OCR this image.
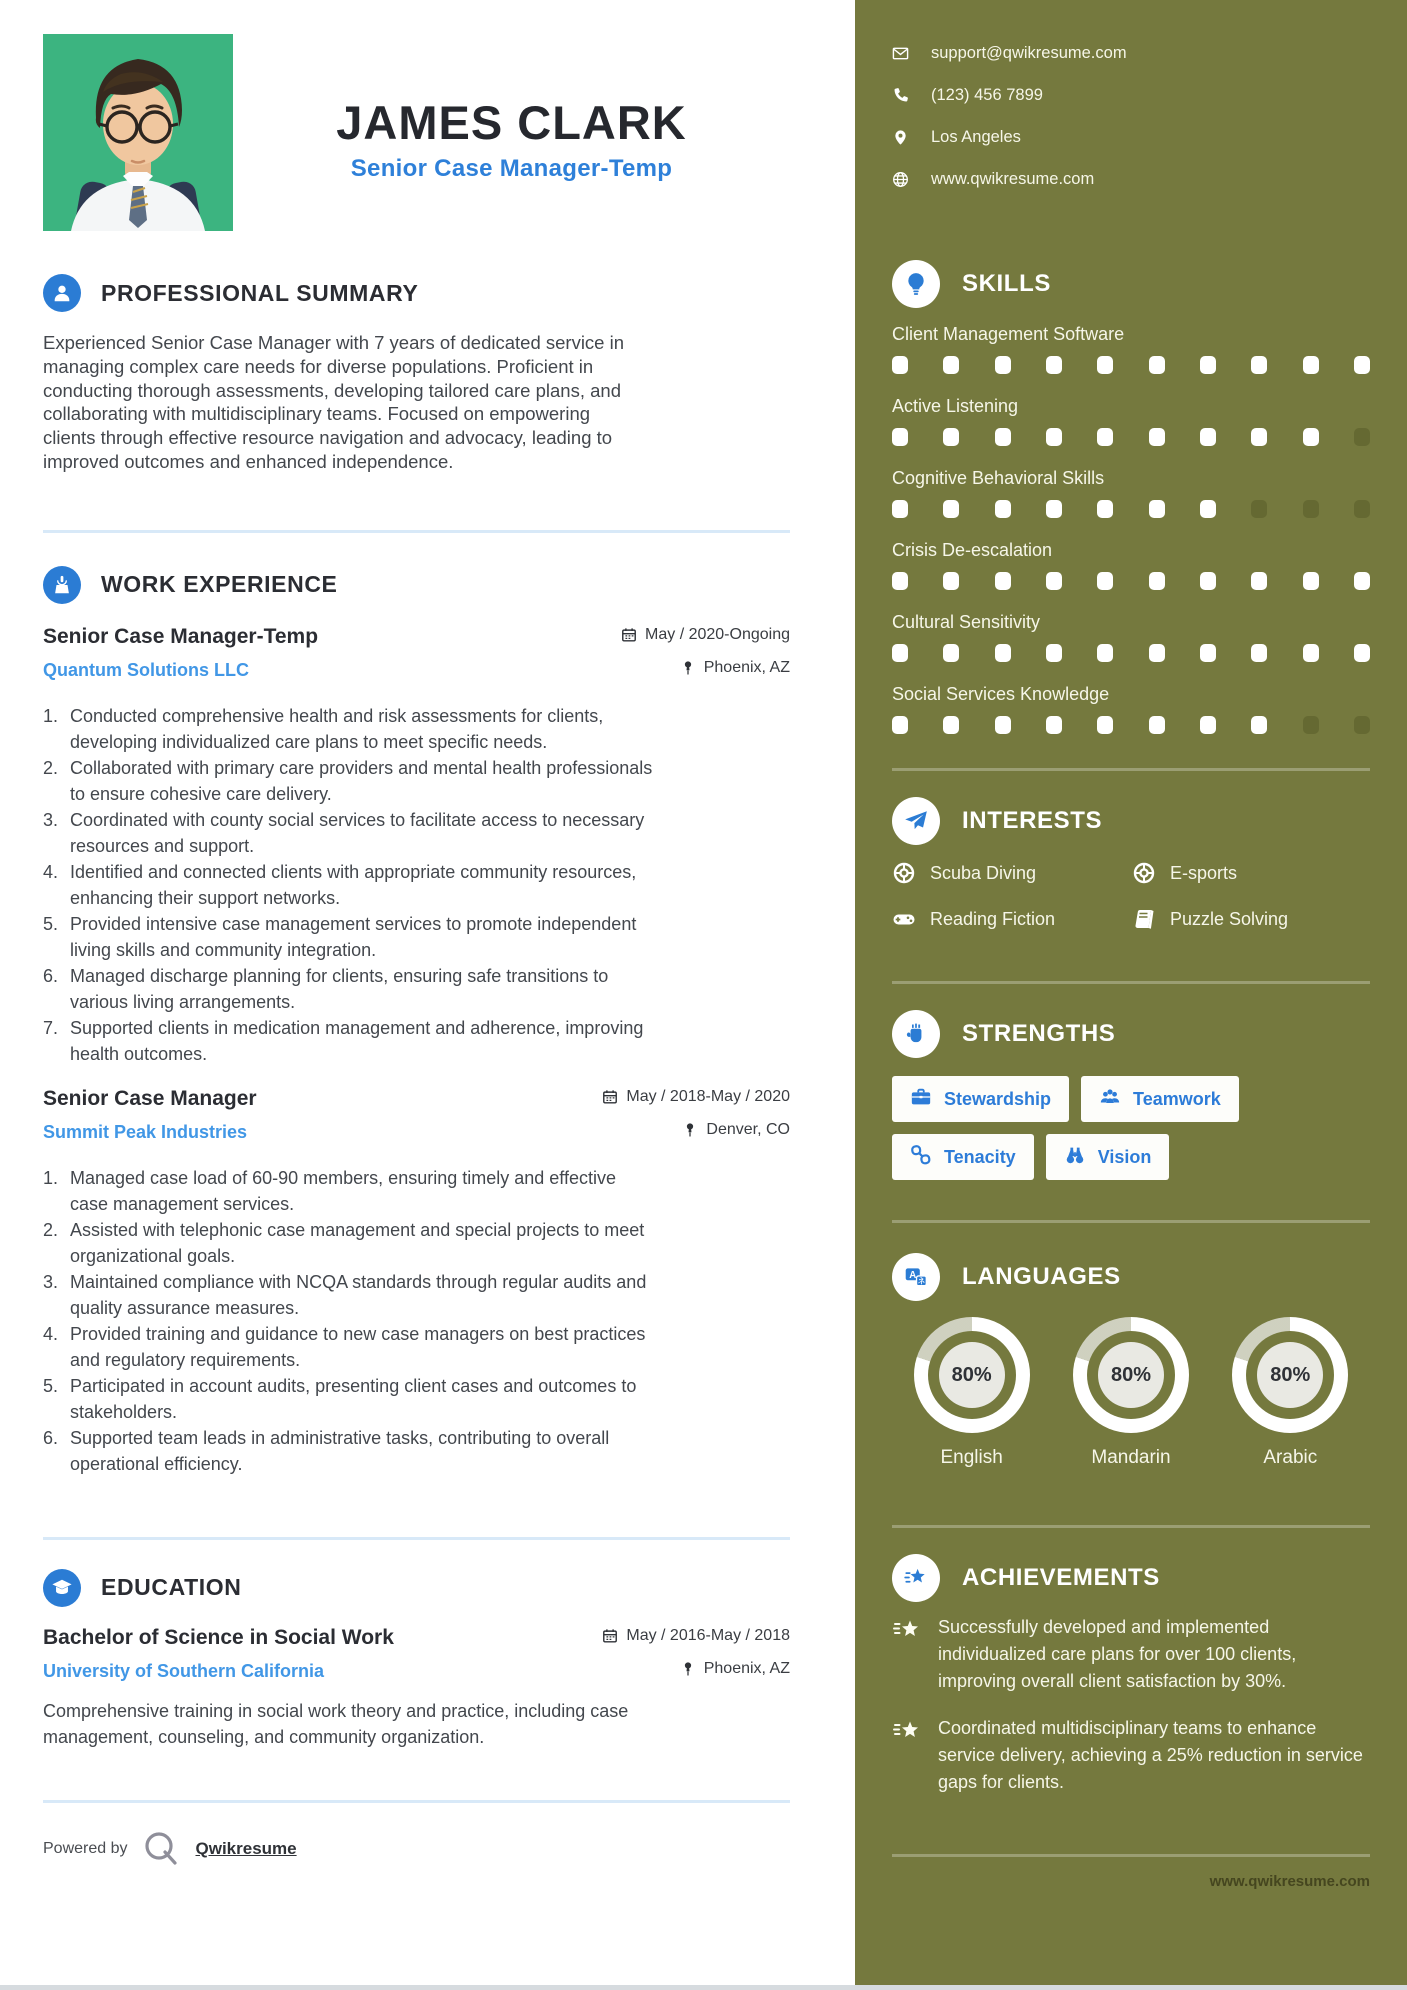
JAMES CLARK
Senior Case Manager-Temp
PROFESSIONAL SUMMARY

Experienced Senior Case Manager with 7 years of dedicated service in managing complex care needs for diverse populations. Proficient in conducting thorough assessments, developing tailored care plans, and collaborating with multidisciplinary teams. Focused on empowering clients through effective resource navigation and advocacy, leading to improved outcomes and enhanced independence.

WORK EXPERIENCE
Senior Case Manager-Temp	May / 2020-Ongoing
Quantum Solutions LLC	Phoenix, AZ
Conducted comprehensive health and risk assessments for clients, developing individualized care plans to meet specific needs.
Collaborated with primary care providers and mental health professionals to ensure cohesive care delivery.
Coordinated with county social services to facilitate access to necessary resources and support.
Identified and connected clients with appropriate community resources, enhancing their support networks.
Provided intensive case management services to promote independent living skills and community integration.
Managed discharge planning for clients, ensuring safe transitions to various living arrangements.
Supported clients in medication management and adherence, improving health outcomes.
Senior Case Manager	May / 2018-May / 2020
Summit Peak Industries	Denver, CO
Managed case load of 60-90 members, ensuring timely and effective case management services.
Assisted with telephonic case management and special projects to meet organizational goals.
Maintained compliance with NCQA standards through regular audits and quality assurance measures.
Provided training and guidance to new case managers on best practices and regulatory requirements.
Participated in account audits, presenting client cases and outcomes to stakeholders.
Supported team leads in administrative tasks, contributing to overall operational efficiency.
EDUCATION
Bachelor of Science in Social Work	May / 2016-May / 2018
University of Southern California	Phoenix, AZ

Comprehensive training in social work theory and practice, including case management, counseling, and community organization.

Powered by	Qwikresume
support@qwikresume.com
(123) 456 7899
Los Angeles
www.qwikresume.com
SKILLS
Client Management Software
Active Listening
Cognitive Behavioral Skills
Crisis De-escalation
Cultural Sensitivity
Social Services Knowledge
INTERESTS
Scuba Diving	E-sports
Reading Fiction	Puzzle Solving
STRENGTHS
Stewardship	Teamwork
Tenacity	Vision
A ネ LANGUAGES
80%
English
80%
Mandarin
80%
Arabic
ACHIEVEMENTS

Successfully developed and implemented individualized care plans for over 100 clients, improving overall client satisfaction by 30%.

Coordinated multidisciplinary teams to enhance service delivery, achieving a 25% reduction in service gaps for clients.

www.qwikresume.com
